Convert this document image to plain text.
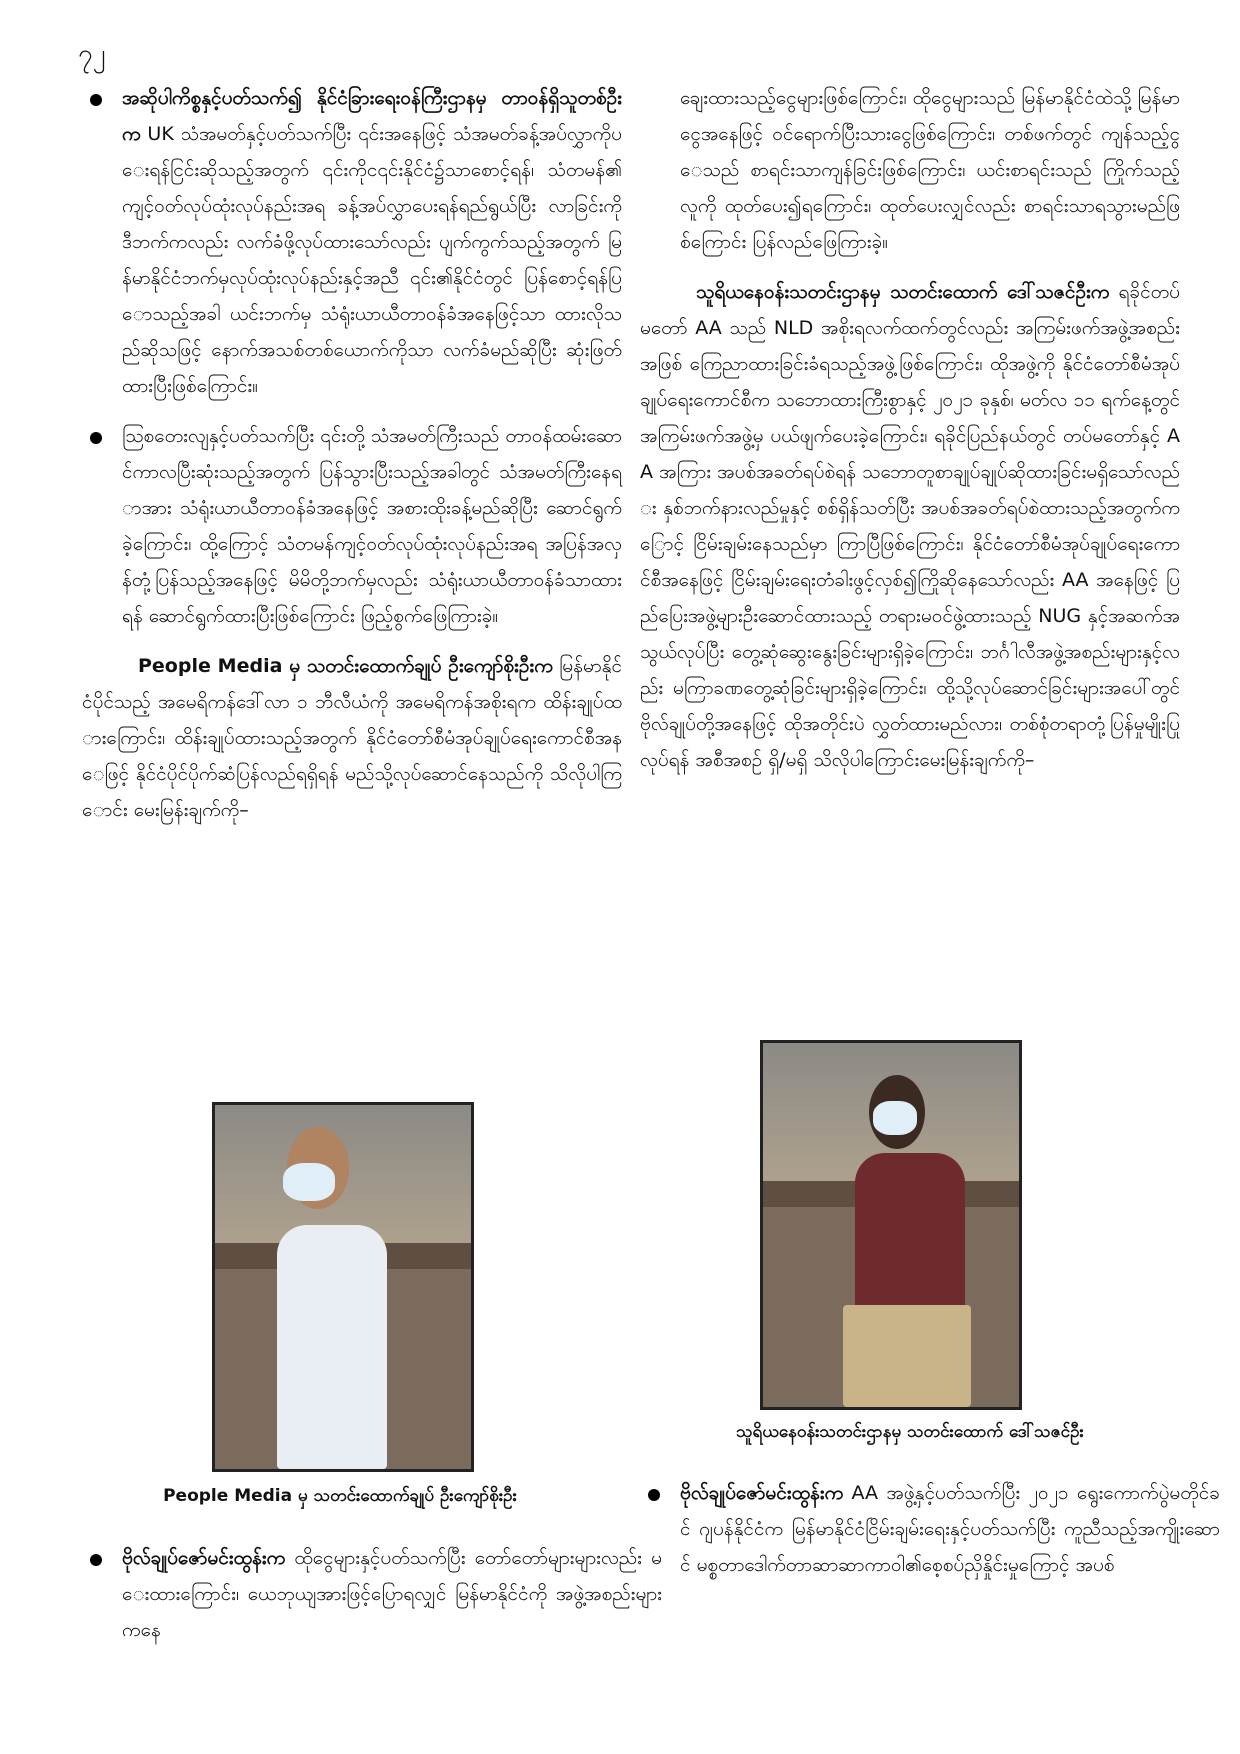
၇၂

အဆိုပါကိစ္စနှင့်ပတ်သက်၍ နိုင်ငံခြားရေးဝန်ကြီးဌာနမှ တာဝန်ရှိသူတစ်ဦးက UK သံအမတ်နှင့်ပတ်သက်ပြီး ၎င်းအနေဖြင့် သံအမတ်ခန့်အပ်လွှာကိုပေးရန်ငြင်းဆိုသည့်အတွက် ၎င်းကိုင၎င်းနိုင်ငံ၌သာစောင့်ရန်၊ သံတမန်၏ကျင့်ဝတ်လုပ်ထုံးလုပ်နည်းအရ ခန့်အပ်လွှာပေးရန်ရည်ရွယ်ပြီး လာခြင်းကို ဒီဘက်ကလည်း လက်ခံဖို့လုပ်ထားသော်လည်း ပျက်ကွက်သည့်အတွက် မြန်မာနိုင်ငံဘက်မှလုပ်ထုံးလုပ်နည်းနှင့်အညီ ၎င်း၏နိုင်ငံတွင် ပြန်စောင့်ရန်ပြောသည့်အခါ ယင်းဘက်မှ သံရုံးယာယီတာဝန်ခံအနေဖြင့်သာ ထားလိုသည်ဆိုသဖြင့် နောက်အသစ်တစ်ယောက်ကိုသာ လက်ခံမည်ဆိုပြီး ဆုံးဖြတ်ထားပြီးဖြစ်ကြောင်း။

ဩစတေးလျနှင့်ပတ်သက်ပြီး ၎င်းတို့ သံအမတ်ကြီးသည် တာဝန်ထမ်းဆောင်ကာလပြီးဆုံးသည့်အတွက် ပြန်သွားပြီးသည့်အခါတွင် သံအမတ်ကြီးနေရာအား သံရုံးယာယီတာဝန်ခံအနေဖြင့် အစားထိုးခန့်မည်ဆိုပြီး ဆောင်ရွက်ခဲ့ကြောင်း၊ ထို့ကြောင့် သံတမန်ကျင့်ဝတ်လုပ်ထုံးလုပ်နည်းအရ အပြန်အလှန်တုံ့ပြန်သည့်အနေဖြင့် မိမိတို့ဘက်မှလည်း သံရုံးယာယီတာဝန်ခံသာထားရန် ဆောင်ရွက်ထားပြီးဖြစ်ကြောင်း ဖြည့်စွက်ဖြေကြားခဲ့။

People Media မှ သတင်းထောက်ချုပ် ဦးကျော်စိုးဦးက မြန်မာနိုင်ငံပိုင်သည့် အမေရိကန်ဒေါ်လာ ၁ ဘီလီယံကို အမေရိကန်အစိုးရက ထိန်းချုပ်ထားကြောင်း၊ ထိန်းချုပ်ထားသည့်အတွက် နိုင်ငံတော်စီမံအုပ်ချုပ်ရေးကောင်စီအနေဖြင့် နိုင်ငံပိုင်ပိုက်ဆံပြန်လည်ရရှိရန် မည်သို့လုပ်ဆောင်နေသည်ကို သိလိုပါကြောင်း မေးမြန်းချက်ကို–

People Media မှ သတင်းထောက်ချုပ် ဦးကျော်စိုးဦး
ဗိုလ်ချုပ်ဇော်မင်းထွန်းက ထိုငွေများနှင့်ပတ်သက်ပြီး တော်တော်များများလည်း မေးထားကြောင်း၊ ယေဘုယျအားဖြင့်ပြောရလျှင် မြန်မာနိုင်ငံကို အဖွဲ့အစည်းများကနေ

ချေးထားသည့်ငွေများဖြစ်ကြောင်း၊ ထိုငွေများသည် မြန်မာနိုင်ငံထဲသို့ မြန်မာငွေအနေဖြင့် ဝင်ရောက်ပြီးသားငွေဖြစ်ကြောင်း၊ တစ်ဖက်တွင် ကျန်သည့်ငွေသည် စာရင်းသာကျန်ခြင်းဖြစ်ကြောင်း၊ ယင်းစာရင်းသည် ကြိုက်သည့်လူကို ထုတ်ပေး၍ရကြောင်း၊ ထုတ်ပေးလျှင်လည်း စာရင်းသာရသွားမည်ဖြစ်ကြောင်း ပြန်လည်ဖြေကြားခဲ့။

သူရိယနေဝန်းသတင်းဌာနမှ သတင်းထောက် ဒေါ်သဇင်ဦးက ရခိုင်တပ်မတော် AA သည် NLD အစိုးရလက်ထက်တွင်လည်း အကြမ်းဖက်အဖွဲ့အစည်းအဖြစ် ကြေညာထားခြင်းခံရသည့်အဖွဲ့ဖြစ်ကြောင်း၊ ထိုအဖွဲ့ကို နိုင်ငံတော်စီမံအုပ်ချုပ်ရေးကောင်စီက သဘောထားကြီးစွာနှင့် ၂၀၂၁ ခုနှစ်၊ မတ်လ ၁၁ ရက်နေ့တွင် အကြမ်းဖက်အဖွဲ့မှ ပယ်ဖျက်ပေးခဲ့ကြောင်း၊ ရခိုင်ပြည်နယ်တွင် တပ်မတော်နှင့် AA အကြား အပစ်အခတ်ရပ်စဲရန် သဘောတူစာချုပ်ချုပ်ဆိုထားခြင်းမရှိသော်လည်း နှစ်ဘက်နားလည်မှုနှင့် စစ်ရှိန်သတ်ပြီး အပစ်အခတ်ရပ်စဲထားသည့်အတွက်ကြောင့် ငြိမ်းချမ်းနေသည်မှာ ကြာပြီဖြစ်ကြောင်း၊ နိုင်ငံတော်စီမံအုပ်ချုပ်ရေးကောင်စီအနေဖြင့် ငြိမ်းချမ်းရေးတံခါးဖွင့်လှစ်၍ကြိုဆိုနေသော်လည်း AA အနေဖြင့် ပြည်ပြေးအဖွဲ့များဦးဆောင်ထားသည့် တရားမဝင်ဖွဲ့ထားသည့် NUG နှင့်အဆက်အသွယ်လုပ်ပြီး တွေ့ဆုံဆွေးနွေးခြင်းများရှိခဲ့ကြောင်း၊ ဘင်္ဂါလီအဖွဲ့အစည်းများနှင့်လည်း မကြာခဏတွေ့ဆုံခြင်းများရှိခဲ့ကြောင်း၊ ထို့သို့လုပ်ဆောင်ခြင်းများအပေါ်တွင် ဗိုလ်ချုပ်တို့အနေဖြင့် ထိုအတိုင်းပဲ လွှတ်ထားမည်လား၊ တစ်စုံတရာတုံ့ပြန်မှုမျိုးပြုလုပ်ရန် အစီအစဉ် ရှိ/မရှိ သိလိုပါကြောင်းမေးမြန်းချက်ကို–

သူရိယနေဝန်းသတင်းဌာနမှ သတင်းထောက် ဒေါ်သဇင်ဦး
ဗိုလ်ချုပ်ဇော်မင်းထွန်းက AA အဖွဲ့နှင့်ပတ်သက်ပြီး ၂၀၂၁ ရွေးကောက်ပွဲမတိုင်ခင် ဂျပန်နိုင်ငံက မြန်မာနိုင်ငံငြိမ်းချမ်းရေးနှင့်ပတ်သက်ပြီး ကူညီသည့်အကျိုးဆောင် မစ္စတာဒေါက်တာဆာဆာကာဝါ၏စေ့စပ်ညှိနှိုင်းမှုကြောင့် အပစ်
